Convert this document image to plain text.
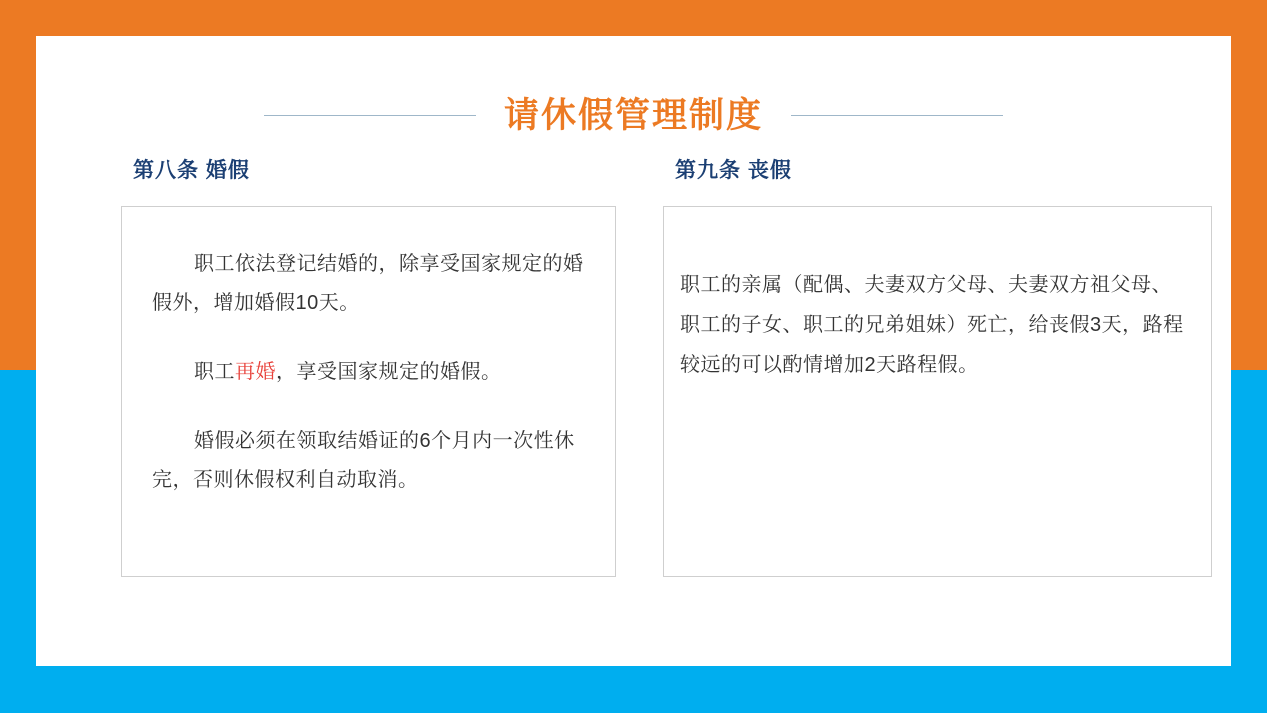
请休假管理制度
第八条 婚假

职工依法登记结婚的，除享受国家规定的婚假外，增加婚假10天。

职工再婚，享受国家规定的婚假。

婚假必须在领取结婚证的6个月内一次性休完，否则休假权利自动取消。

第九条 丧假

职工的亲属（配偶、夫妻双方父母、夫妻双方祖父母、职工的子女、职工的兄弟姐妹）死亡，给丧假3天，路程较远的可以酌情增加2天路程假。
